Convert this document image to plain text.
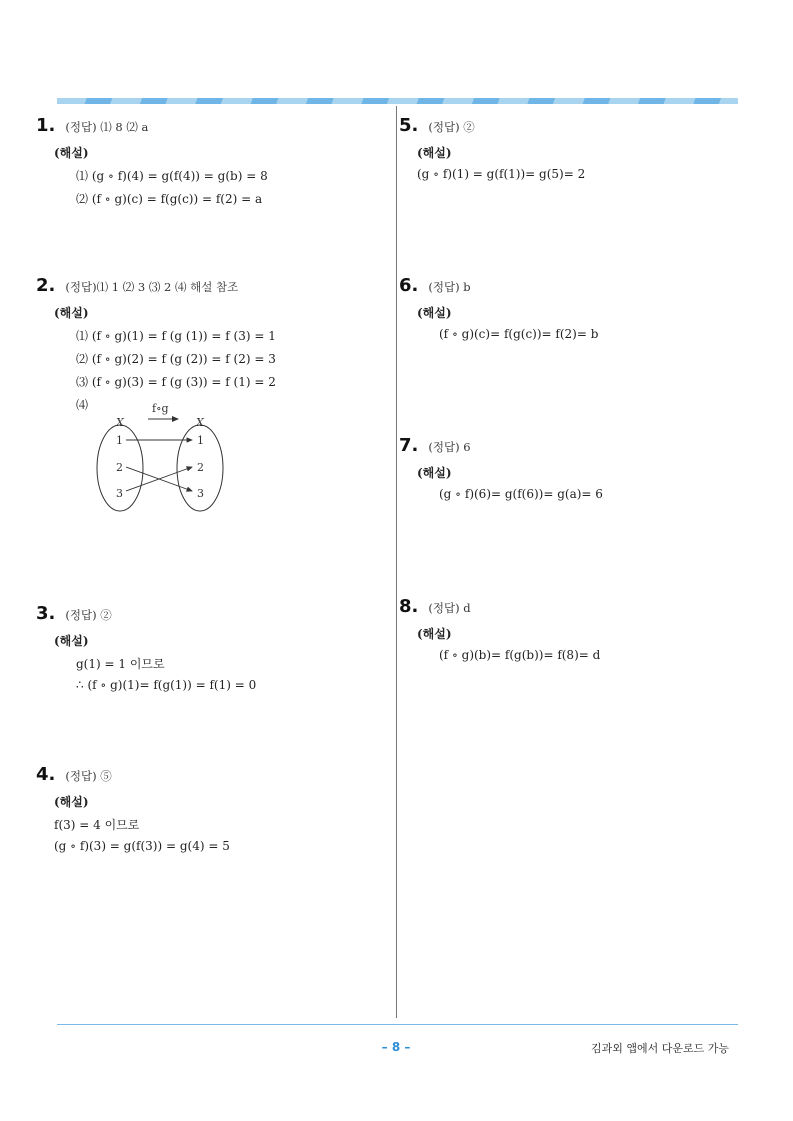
1. (정답) ⑴ 8 ⑵ a
(해설)
⑴ (g ∘ f)(4) = g(f(4)) = g(b) = 8
⑵ (f ∘ g)(c) = f(g(c)) = f(2) = a
2. (정답)⑴ 1 ⑵ 3 ⑶ 2 ⑷ 해설 참조
(해설)
⑴ (f ∘ g)(1) = f (g (1)) = f (3) = 1
⑵ (f ∘ g)(2) = f (g (2)) = f (2) = 3
⑶ (f ∘ g)(3) = f (g (3)) = f (1) = 2
⑷	f∘g
X	X
1
2
3
1
2
3
3. (정답) ②
(해설)
g(1) = 1 이므로
∴ (f ∘ g)(1)= f(g(1)) = f(1) = 0
4. (정답) ⑤
(해설)
f(3) = 4 이므로
(g ∘ f)(3) = g(f(3)) = g(4) = 5
5. (정답) ②
(해설)
(g ∘ f)(1) = g(f(1))= g(5)= 2
6. (정답) b
(해설)
(f ∘ g)(c)= f(g(c))= f(2)= b
7. (정답) 6
(해설)
(g ∘ f)(6)= g(f(6))= g(a)= 6
8. (정답) d
(해설)
(f ∘ g)(b)= f(g(b))= f(8)= d
– 8 –	김과외 앱에서 다운로드 가능
